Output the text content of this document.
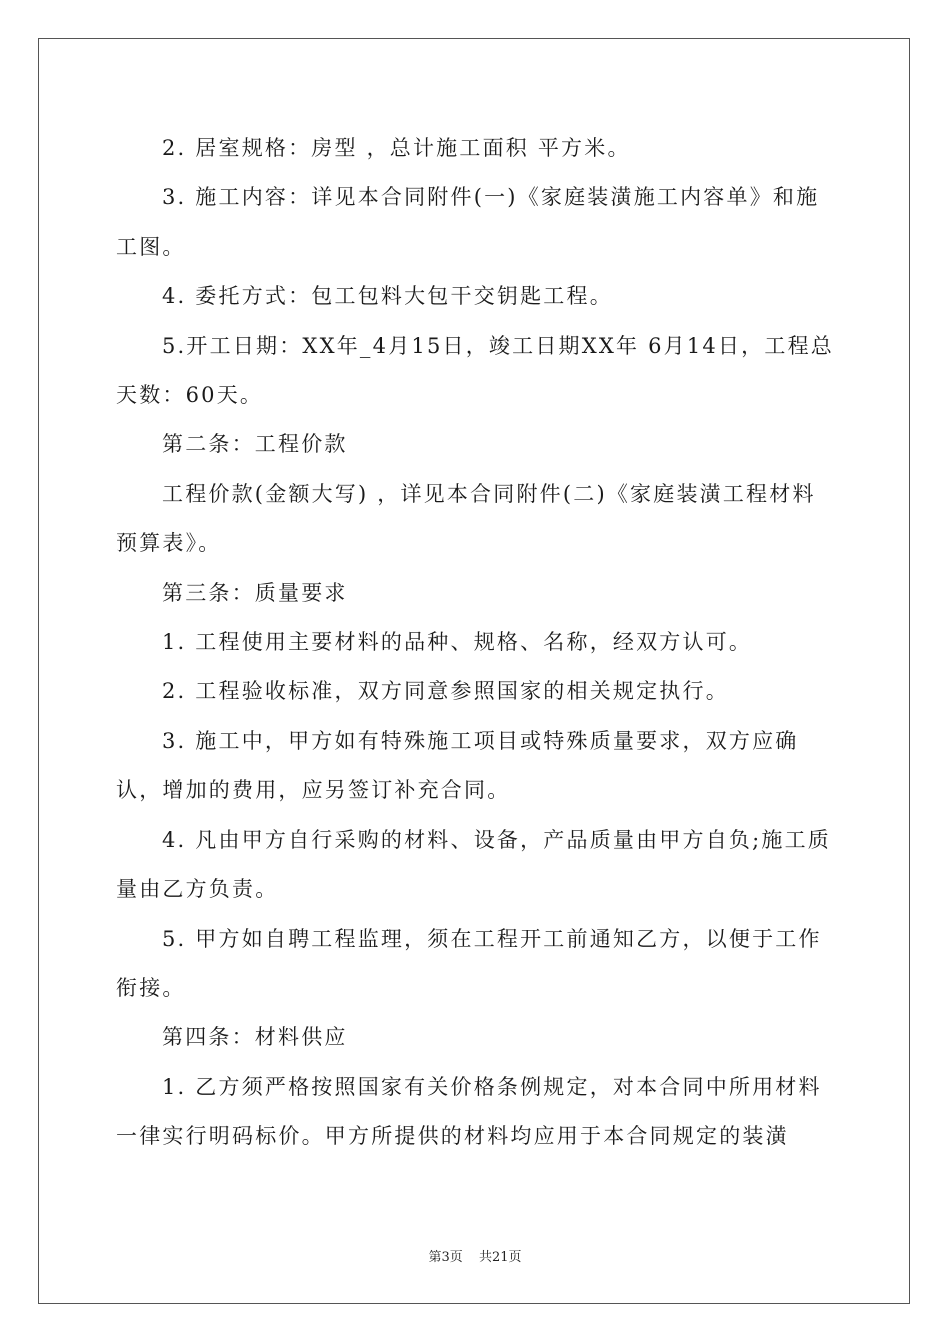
2. 居室规格：房型 ，总计施工面积 平方米。

3. 施工内容：详见本合同附件(一)《家庭装潢施工内容单》和施工图。

4. 委托方式：包工包料大包干交钥匙工程。

5.开工日期：XX年_4月15日，竣工日期XX年 6月14日，工程总天数：60天。

第二条：工程价款

工程价款(金额大写) ，详见本合同附件(二)《家庭装潢工程材料预算表》。

第三条：质量要求

1. 工程使用主要材料的品种、规格、名称，经双方认可。

2. 工程验收标准，双方同意参照国家的相关规定执行。

3. 施工中，甲方如有特殊施工项目或特殊质量要求，双方应确认，增加的费用，应另签订补充合同。

4. 凡由甲方自行采购的材料、设备，产品质量由甲方自负;施工质量由乙方负责。

5. 甲方如自聘工程监理，须在工程开工前通知乙方，以便于工作衔接。

第四条：材料供应

1. 乙方须严格按照国家有关价格条例规定，对本合同中所用材料一律实行明码标价。甲方所提供的材料均应用于本合同规定的装潢

第3页 共21页
